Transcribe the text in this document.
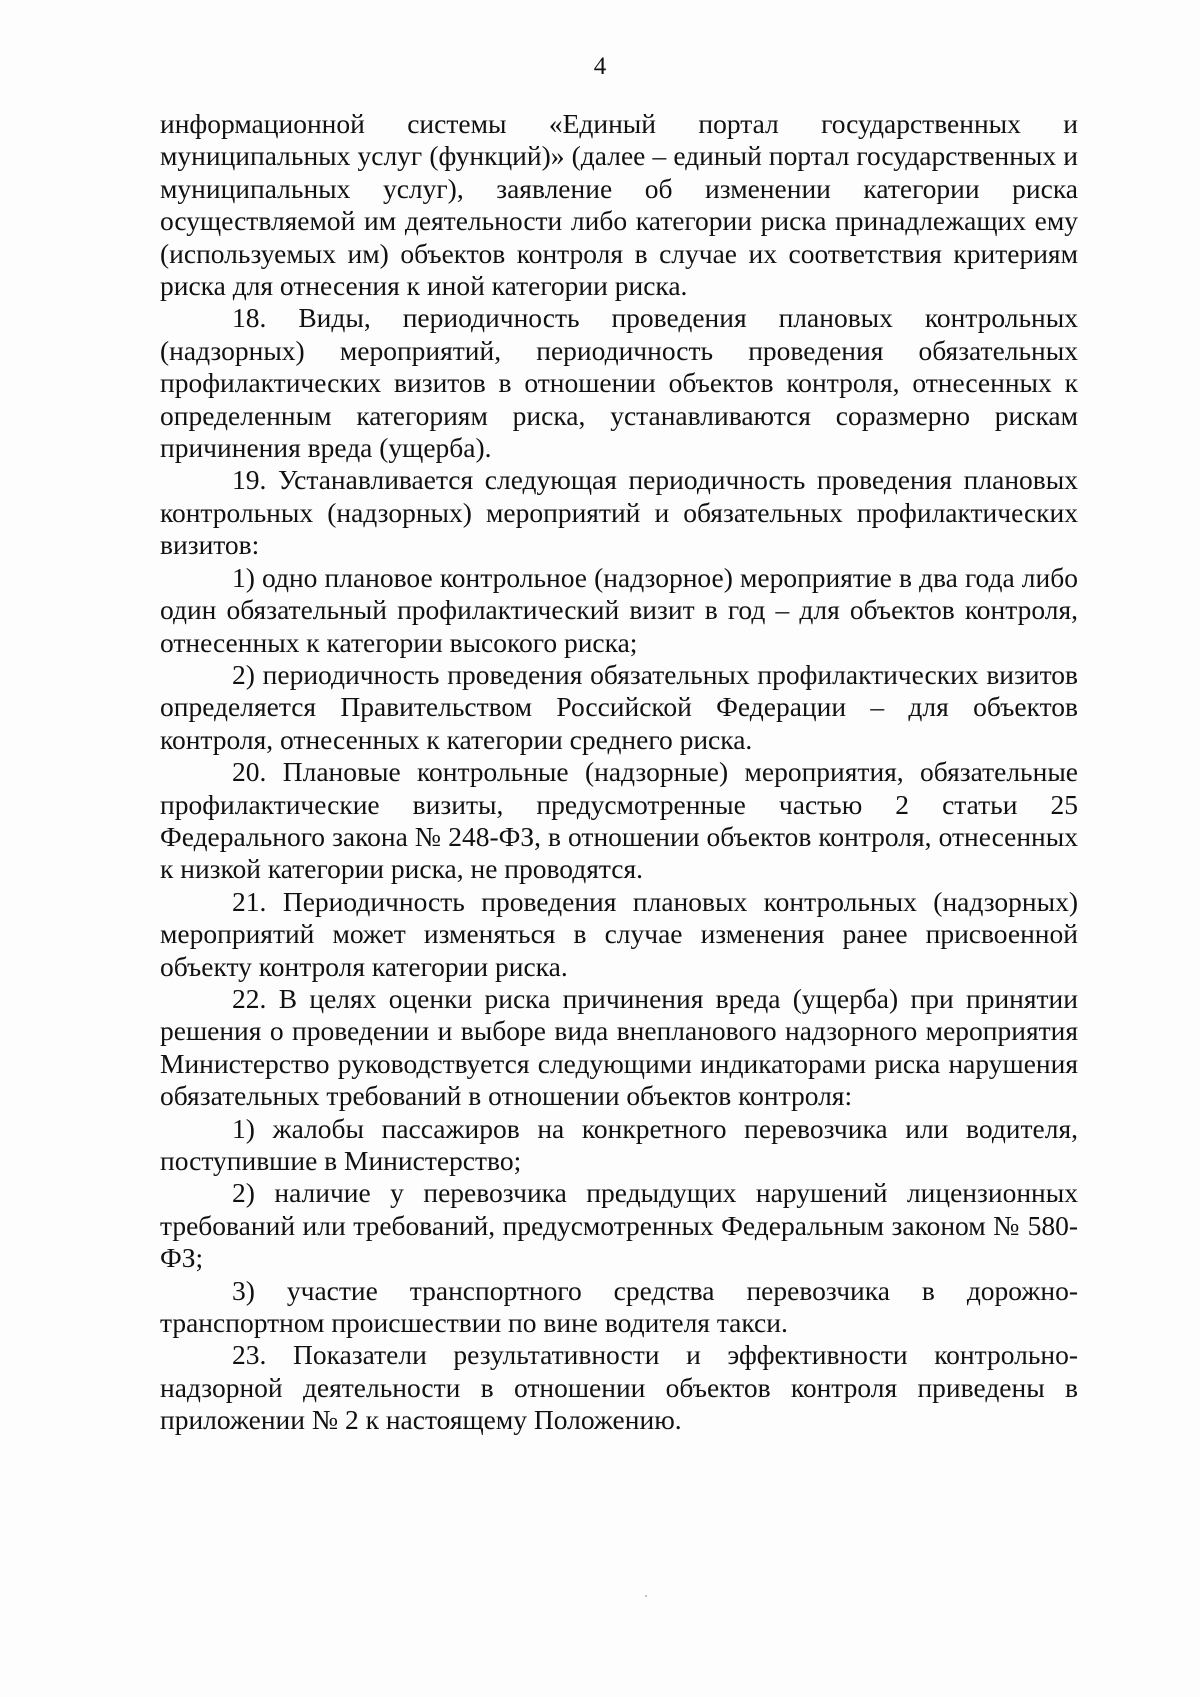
4

информационной системы «Единый портал государственных и муниципальных услуг (функций)» (далее – единый портал государственных и муниципальных услуг), заявление об изменении категории риска осуществляемой им деятельности либо категории риска принадлежащих ему (используемых им) объектов контроля в случае их соответствия критериям риска для отнесения к иной категории риска.

18. Виды, периодичность проведения плановых контрольных (надзорных) мероприятий, периодичность проведения обязательных профилактических визитов в отношении объектов контроля, отнесенных к определенным категориям риска, устанавливаются соразмерно рискам причинения вреда (ущерба).

19. Устанавливается следующая периодичность проведения плановых контрольных (надзорных) мероприятий и обязательных профилактических визитов:

1) одно плановое контрольное (надзорное) мероприятие в два года либо один обязательный профилактический визит в год – для объектов контроля, отнесенных к категории высокого риска;

2) периодичность проведения обязательных профилактических визитов определяется Правительством Российской Федерации – для объектов контроля, отнесенных к категории среднего риска.

20. Плановые контрольные (надзорные) мероприятия, обязательные профилактические визиты, предусмотренные частью 2 статьи 25 Федерального закона № 248-ФЗ, в отношении объектов контроля, отнесенных к низкой категории риска, не проводятся.

21. Периодичность проведения плановых контрольных (надзорных) мероприятий может изменяться в случае изменения ранее присвоенной объекту контроля категории риска.

22. В целях оценки риска причинения вреда (ущерба) при принятии решения о проведении и выборе вида внепланового надзорного мероприятия Министерство руководствуется следующими индикаторами риска нарушения обязательных требований в отношении объектов контроля:

1) жалобы пассажиров на конкретного перевозчика или водителя, поступившие в Министерство;

2) наличие у перевозчика предыдущих нарушений лицензионных требований или требований, предусмотренных Федеральным законом № 580-ФЗ;

3) участие транспортного средства перевозчика в дорожно-транспортном происшествии по вине водителя такси.

23. Показатели результативности и эффективности контрольно-надзорной деятельности в отношении объектов контроля приведены в приложении № 2 к настоящему Положению.
